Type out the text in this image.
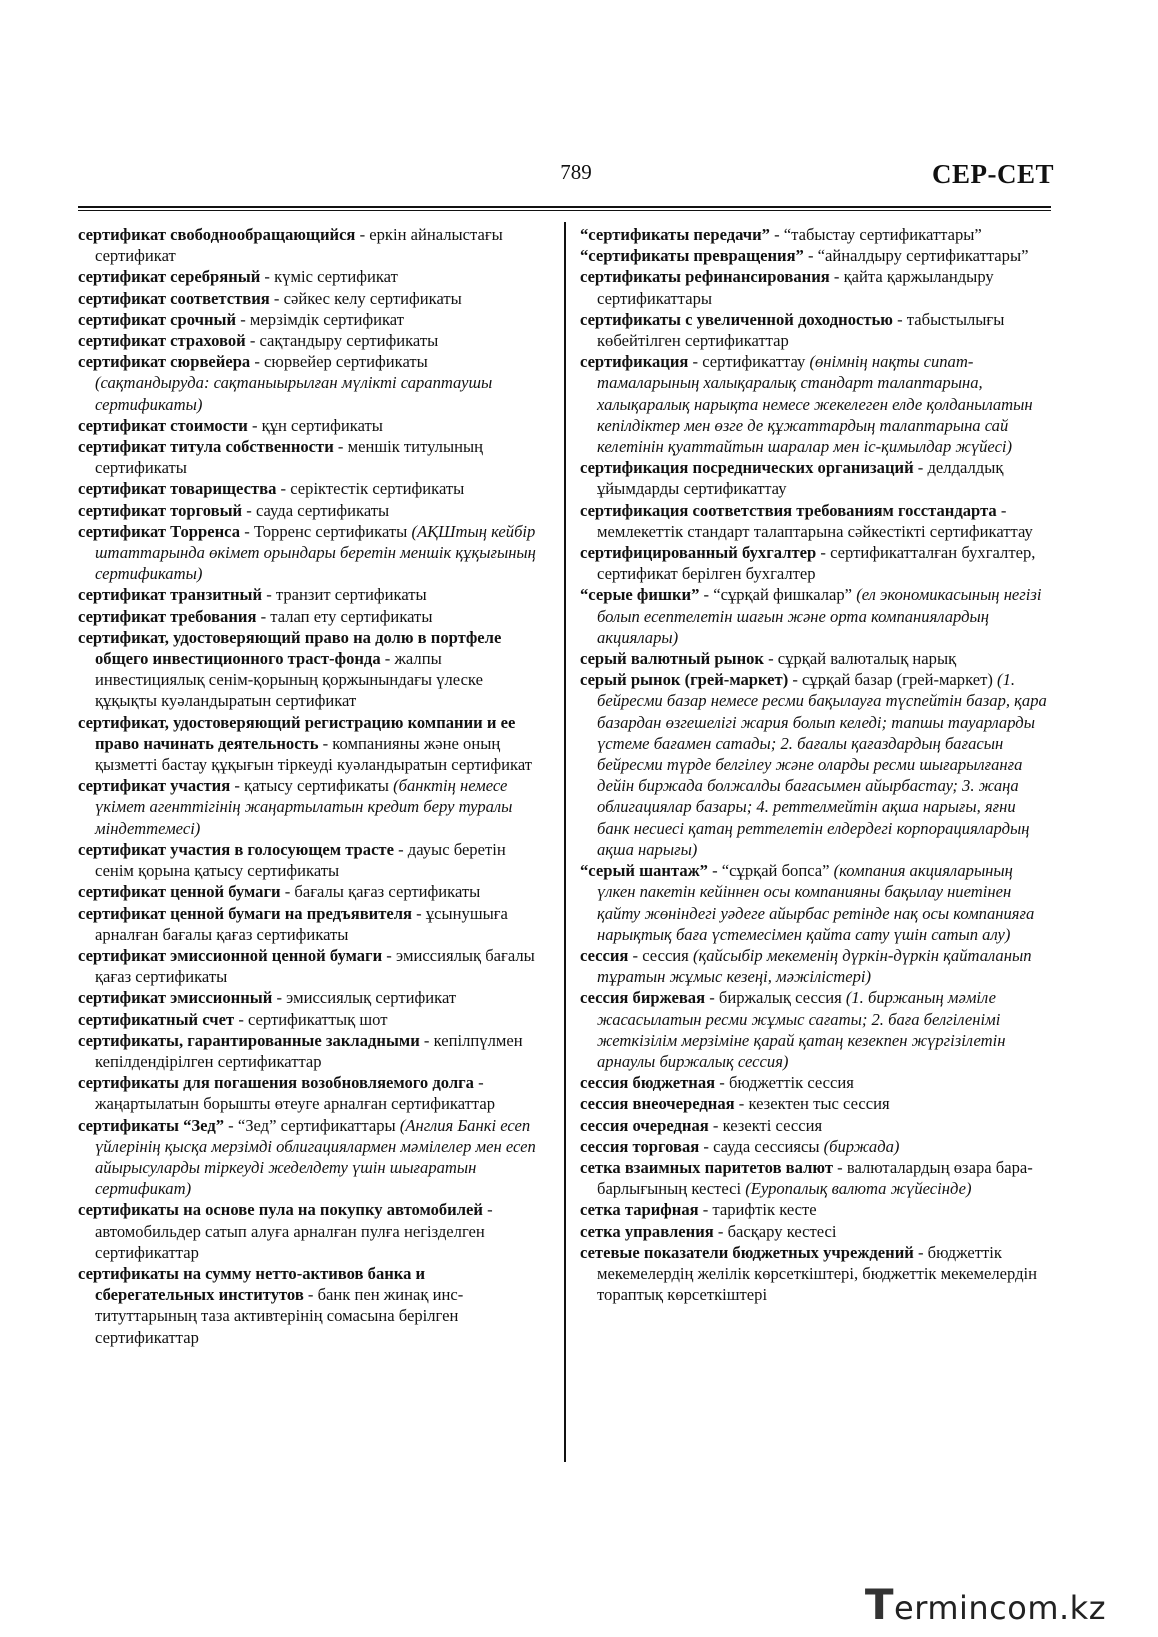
789	СЕР-СЕТ

сертификат свободнообращающийся - еркін айналыстағы сертификат

сертификат серебряный - күміс сертификат

сертификат соответствия - сәйкес келу сертификаты

сертификат срочный - мерзімдік сертификат

сертификат страховой - сақтандыру сертификаты

сертификат сюрвейера - сюрвейер сертификаты (сақтандыруда: сақтаныырылған мүлікті сараптаушы сертификаты)

сертификат стоимости - құн сертификаты

сертификат титула собственности - меншік титулының сертификаты

сертификат товарищества - серіктестік сертификаты

сертификат торговый - сауда сертификаты

сертификат Торренса - Торренс сертификаты (АҚШтың кейбір штаттарында өкімет орындары беретін меншік құқығының сертификаты)

сертификат транзитный - транзит сертификаты

сертификат требования - талап ету сертификаты

сертификат, удостоверяющий право на долю в портфеле общего инвестиционного траст-фонда - жалпы инвестициялық сенім-қорының қоржынындағы үлеске құқықты куәландыратын сертификат

сертификат, удостоверяющий регистрацию компании и ее право начинать деятельность - компанияны және оның қызметті бастау құқығын тіркеуді куәландыратын сертификат

сертификат участия - қатысу сертификаты (банктің немесе үкімет агенттігінің жаңартылатын кредит беру туралы міндеттемесі)

сертификат участия в голосующем трасте - дауыс беретін сенім қорына қатысу сертификаты

сертификат ценной бумаги - бағалы қағаз сертификаты

сертификат ценной бумаги на предъявителя - ұсынушыға арналған бағалы қағаз сертификаты

сертификат эмиссионной ценной бумаги - эмиссиялық бағалы қағаз сертификаты

сертификат эмиссионный - эмиссиялық сертификат

сертификатный счет - сертификаттық шот

сертификаты, гарантированные закладными - кепілпүлмен кепілдендірілген сертификаттар

сертификаты для погашения возобновляемого долга - жаңартылатын борышты өтеуге арналған сертификаттар

сертификаты “Зед” - “Зед” сертификаттары (Англия Банкі есеп үйлерінің қысқа мерзімді облигациялармен мәмілелер мен есеп айырысуларды тіркеуді жеделдету үшін шығаратын сертификат)

сертификаты на основе пула на покупку автомобилей - автомобильдер сатып алуға арналған пулға негізделген сертификаттар

сертификаты на сумму нетто-активов банка и сберегательных институтов - банк пен жинақ институттарының таза активтерінің сомасына берілген сертификаттар

“сертификаты передачи” - “табыстау сертификаттары”

“сертификаты превращения” - “айналдыру сертификаттары”

сертификаты рефинансирования - қайта қаржыландыру сертификаттары

сертификаты с увеличенной доходностью - табыстылығы көбейтілген сертификаттар

сертификация - сертификаттау (өнімнің нақты сипаттамаларының халықаралық стандарт талаптарына, халықаралық нарықта немесе жекелеген елде қолданылатын кепілдіктер мен өзге де құжаттардың талаптарына сай келетінін қуаттайтын шаралар мен іс-қимылдар жүйесі)

сертификация посреднических организаций - делдалдық ұйымдарды сертификаттау

сертификация соответствия требованиям госстандарта - мемлекеттік стандарт талаптарына сәйкестікті сертификаттау

сертифицированный бухгалтер - сертификатталған бухгалтер, сертификат берілген бухгалтер

“серые фишки” - “сұрқай фишкалар” (ел экономикасының негізі болып есептелетін шағын және орта компаниялардың акциялары)

серый валютный рынок - сұрқай валюталық нарық

серый рынок (грей-маркет) - сұрқай базар (грей-маркет) (1. бейресми базар немесе ресми бақылауға түспейтін базар, қара базардан өзгешелігі жария болып келеді; тапшы тауарларды үстеме бағамен сатады; 2. бағалы қағаздардың бағасын бейресми түрде белгілеу және оларды ресми шығарылғанға дейін биржада болжалды бағасымен айырбастау; 3. жаңа облигациялар базары; 4. реттелмейтін ақша нарығы, яғни банк несиесі қатаң реттелетін елдердегі корпорациялардың ақша нарығы)

“серый шантаж” - “сұрқай бопса” (компания акцияларының үлкен пакетін кейіннен осы компанияны бақылау ниетінен қайту жөніндегі уәдеге айырбас ретінде нақ осы компанияға нарықтық баға үстемесімен қайта сату үшін сатып алу)

сессия - сессия (қайсыбір мекеменің дүркін-дүркін қайталанып тұратын жұмыс кезеңі, мәжілістері)

сессия биржевая - биржалық сессия (1. биржаның мәміле жасасылатын ресми жұмыс сағаты; 2. баға белгіленімі жеткізілім мерзіміне қарай қатаң кезекпен жүргізілетін арнаулы биржалық сессия)

сессия бюджетная - бюджеттік сессия

сессия внеочередная - кезектен тыс сессия

сессия очередная - кезекті сессия

сессия торговая - сауда сессиясы (биржада)

сетка взаимных паритетов валют - валюталардың өзара бара-барлығының кестесі (Еуропалық валюта жүйесінде)

сетка тарифная - тарифтік кесте

сетка управления - басқару кестесі

сетевые показатели бюджетных учреждений - бюджеттік мекемелердің желілік көрсеткіштері, бюджеттік мекемелердін тораптық көрсеткіштері

Termincom.kz
